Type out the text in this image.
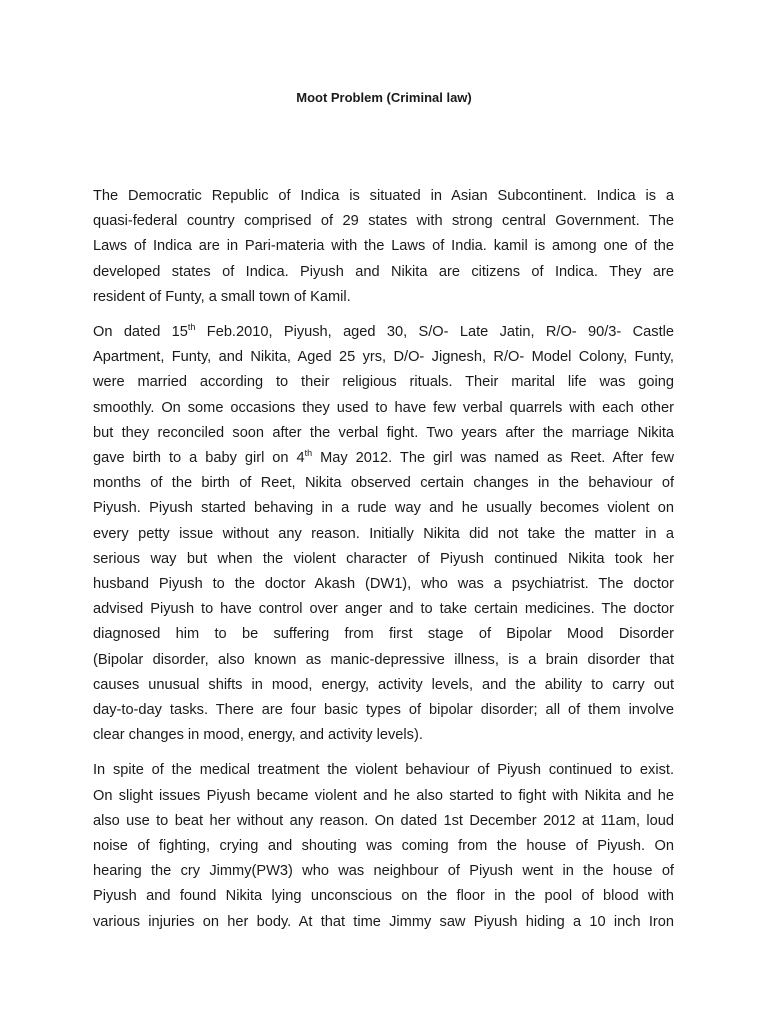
Moot Problem (Criminal law)

The Democratic Republic of Indica is situated in Asian Subcontinent. Indica is a
quasi-federal country comprised of 29 states with strong central Government. The
Laws of Indica are in Pari-materia with the Laws of India. kamil is among one of the
developed states of Indica. Piyush and Nikita are citizens of Indica. They are
resident of Funty, a small town of Kamil.

On dated 15th Feb.2010, Piyush, aged 30, S/O- Late Jatin, R/O- 90/3- Castle
Apartment, Funty, and Nikita, Aged 25 yrs, D/O- Jignesh, R/O- Model Colony, Funty,
were married according to their religious rituals. Their marital life was going
smoothly. On some occasions they used to have few verbal quarrels with each other
but they reconciled soon after the verbal fight. Two years after the marriage Nikita
gave birth to a baby girl on 4th May 2012. The girl was named as Reet. After few
months of the birth of Reet, Nikita observed certain changes in the behaviour of
Piyush. Piyush started behaving in a rude way and he usually becomes violent on
every petty issue without any reason. Initially Nikita did not take the matter in a
serious way but when the violent character of Piyush continued Nikita took her
husband Piyush to the doctor Akash (DW1), who was a psychiatrist. The doctor
advised Piyush to have control over anger and to take certain medicines. The doctor
diagnosed him to be suffering from first stage of Bipolar Mood Disorder
(Bipolar disorder, also known as manic-depressive illness, is a brain disorder that
causes unusual shifts in mood, energy, activity levels, and the ability to carry out
day-to-day tasks. There are four basic types of bipolar disorder; all of them involve
clear changes in mood, energy, and activity levels).

In spite of the medical treatment the violent behaviour of Piyush continued to exist.
On slight issues Piyush became violent and he also started to fight with Nikita and he
also use to beat her without any reason. On dated 1st December 2012 at 11am, loud
noise of fighting, crying and shouting was coming from the house of Piyush. On
hearing the cry Jimmy(PW3) who was neighbour of Piyush went in the house of
Piyush and found Nikita lying unconscious on the floor in the pool of blood with
various injuries on her body. At that time Jimmy saw Piyush hiding a 10 inch Iron
